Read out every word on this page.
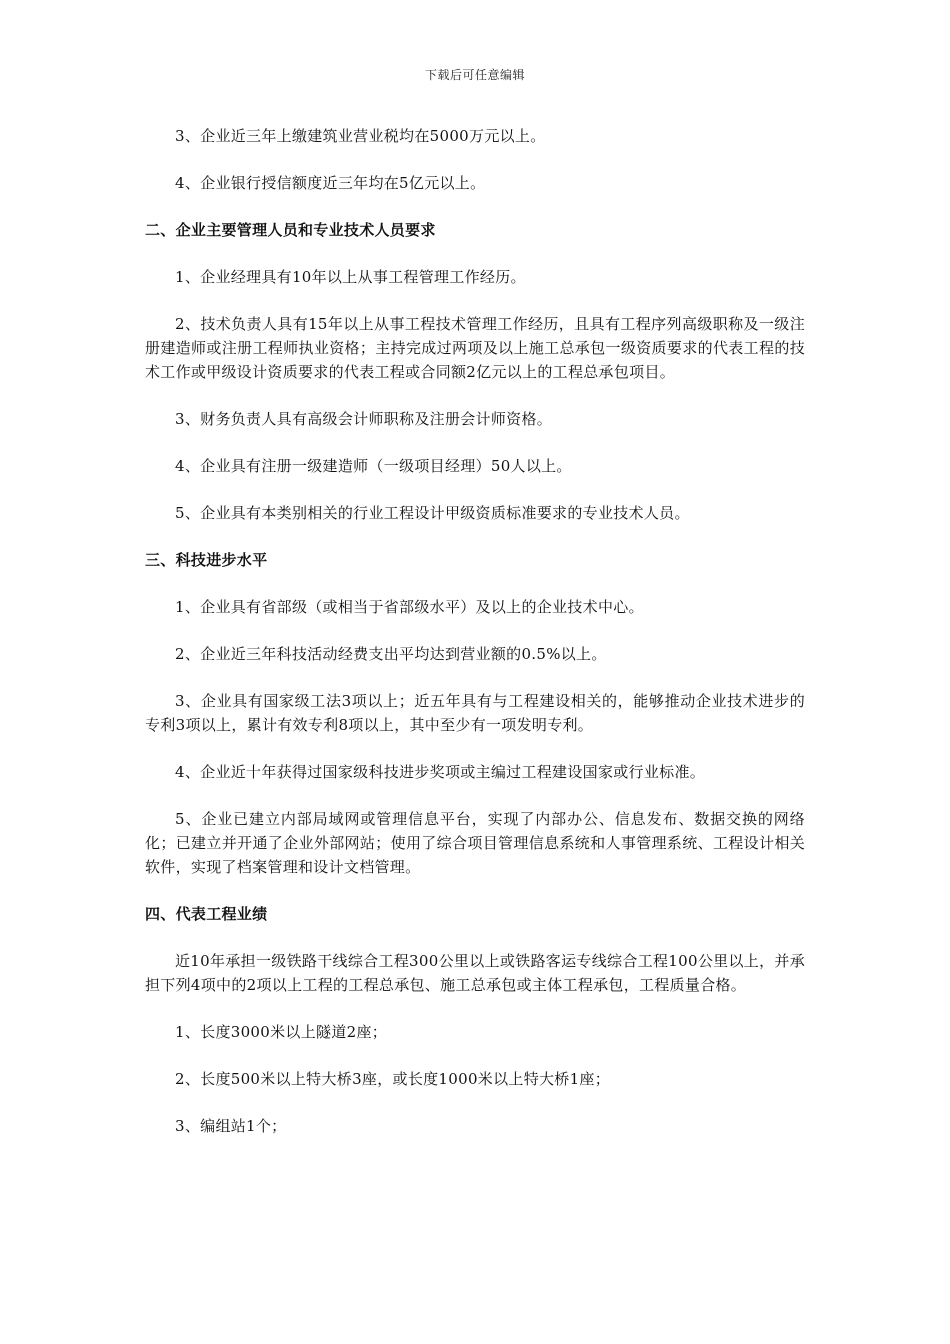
下载后可任意编辑

3、企业近三年上缴建筑业营业税均在5000万元以上。

4、企业银行授信额度近三年均在5亿元以上。

二、企业主要管理人员和专业技术人员要求

1、企业经理具有10年以上从事工程管理工作经历。

2、技术负责人具有15年以上从事工程技术管理工作经历，且具有工程序列高级职称及一级注册建造师或注册工程师执业资格；主持完成过两项及以上施工总承包一级资质要求的代表工程的技术工作或甲级设计资质要求的代表工程或合同额2亿元以上的工程总承包项目。

3、财务负责人具有高级会计师职称及注册会计师资格。

4、企业具有注册一级建造师（一级项目经理）50人以上。

5、企业具有本类别相关的行业工程设计甲级资质标准要求的专业技术人员。

三、科技进步水平

1、企业具有省部级（或相当于省部级水平）及以上的企业技术中心。

2、企业近三年科技活动经费支出平均达到营业额的0.5%以上。

3、企业具有国家级工法3项以上；近五年具有与工程建设相关的，能够推动企业技术进步的专利3项以上，累计有效专利8项以上，其中至少有一项发明专利。

4、企业近十年获得过国家级科技进步奖项或主编过工程建设国家或行业标准。

5、企业已建立内部局域网或管理信息平台，实现了内部办公、信息发布、数据交换的网络化；已建立并开通了企业外部网站；使用了综合项目管理信息系统和人事管理系统、工程设计相关软件，实现了档案管理和设计文档管理。

四、代表工程业绩

近10年承担一级铁路干线综合工程300公里以上或铁路客运专线综合工程100公里以上，并承担下列4项中的2项以上工程的工程总承包、施工总承包或主体工程承包，工程质量合格。

1、长度3000米以上隧道2座；

2、长度500米以上特大桥3座，或长度1000米以上特大桥1座；

3、编组站1个；
